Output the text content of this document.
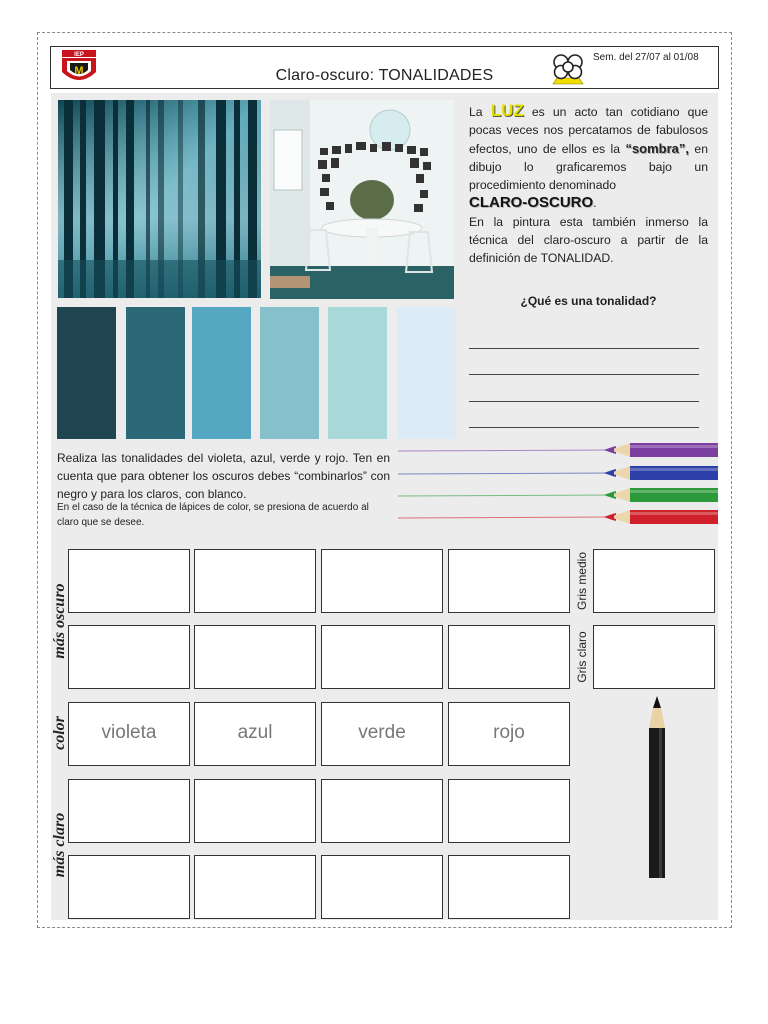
IEP
M	Claro-oscuro: TONALIDADES
Sem. del 27/07 al 01/08
La LUZ es un acto tan cotidiano que pocas veces nos percatamos de fabulosos efectos, uno de ellos es la “sombra”, en dibujo lo graficaremos bajo un procedimiento denominado
CLARO-OSCURO.
En la pintura esta también inmerso la técnica del claro-oscuro a partir de la definición de TONALIDAD.
¿Qué es una tonalidad?
Realiza las tonalidades del violeta, azul, verde y rojo. Ten en cuenta que para obtener los oscuros debes “combinarlos” con negro y para los claros, con blanco.
En el caso de la técnica de lápices de color, se presiona de acuerdo al claro que se desee.
violeta	azul	verde	rojo
más oscuro
color
más claro
Gris medio
Gris claro
